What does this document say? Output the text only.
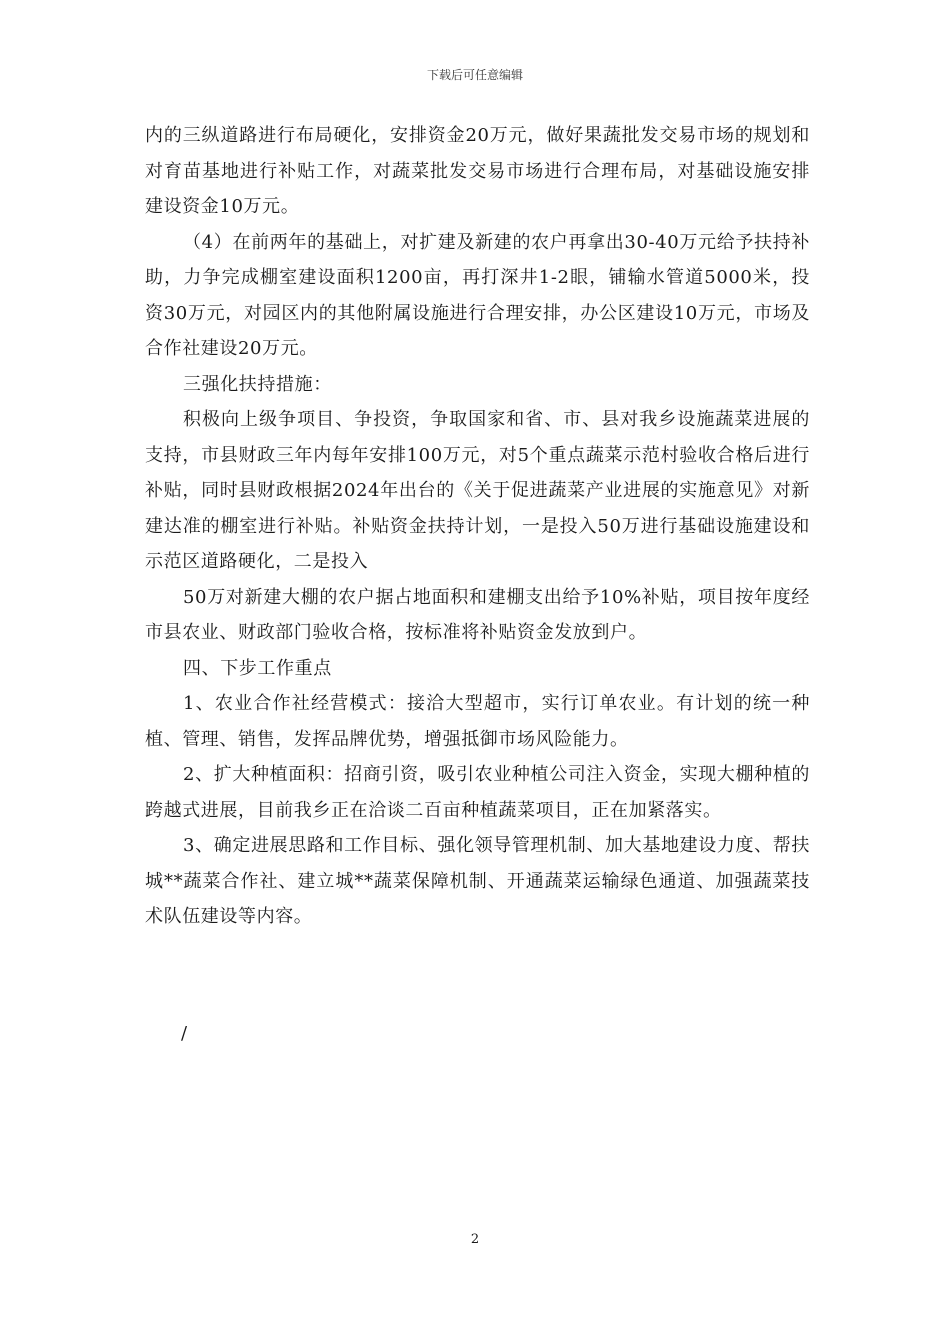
下载后可任意编辑

内的三纵道路进行布局硬化，安排资金20万元，做好果蔬批发交易市场的规划和对育苗基地进行补贴工作，对蔬菜批发交易市场进行合理布局，对基础设施安排建设资金10万元。

（4）在前两年的基础上，对扩建及新建的农户再拿出30-40万元给予扶持补助，力争完成棚室建设面积1200亩，再打深井1-2眼，铺输水管道5000米，投资30万元，对园区内的其他附属设施进行合理安排，办公区建设10万元，市场及合作社建设20万元。

三强化扶持措施：

积极向上级争项目、争投资，争取国家和省、市、县对我乡设施蔬菜进展的支持，市县财政三年内每年安排100万元，对5个重点蔬菜示范村验收合格后进行补贴，同时县财政根据2024年出台的《关于促进蔬菜产业进展的实施意见》对新建达准的棚室进行补贴。补贴资金扶持计划，一是投入50万进行基础设施建设和示范区道路硬化，二是投入

50万对新建大棚的农户据占地面积和建棚支出给予10%补贴，项目按年度经市县农业、财政部门验收合格，按标准将补贴资金发放到户。

四、下步工作重点

1、农业合作社经营模式：接洽大型超市，实行订单农业。有计划的统一种植、管理、销售，发挥品牌优势，增强抵御市场风险能力。

2、扩大种植面积：招商引资，吸引农业种植公司注入资金，实现大棚种植的跨越式进展，目前我乡正在洽谈二百亩种植蔬菜项目，正在加紧落实。

3、确定进展思路和工作目标、强化领导管理机制、加大基地建设力度、帮扶城**蔬菜合作社、建立城**蔬菜保障机制、开通蔬菜运输绿色通道、加强蔬菜技术队伍建设等内容。

/
2
